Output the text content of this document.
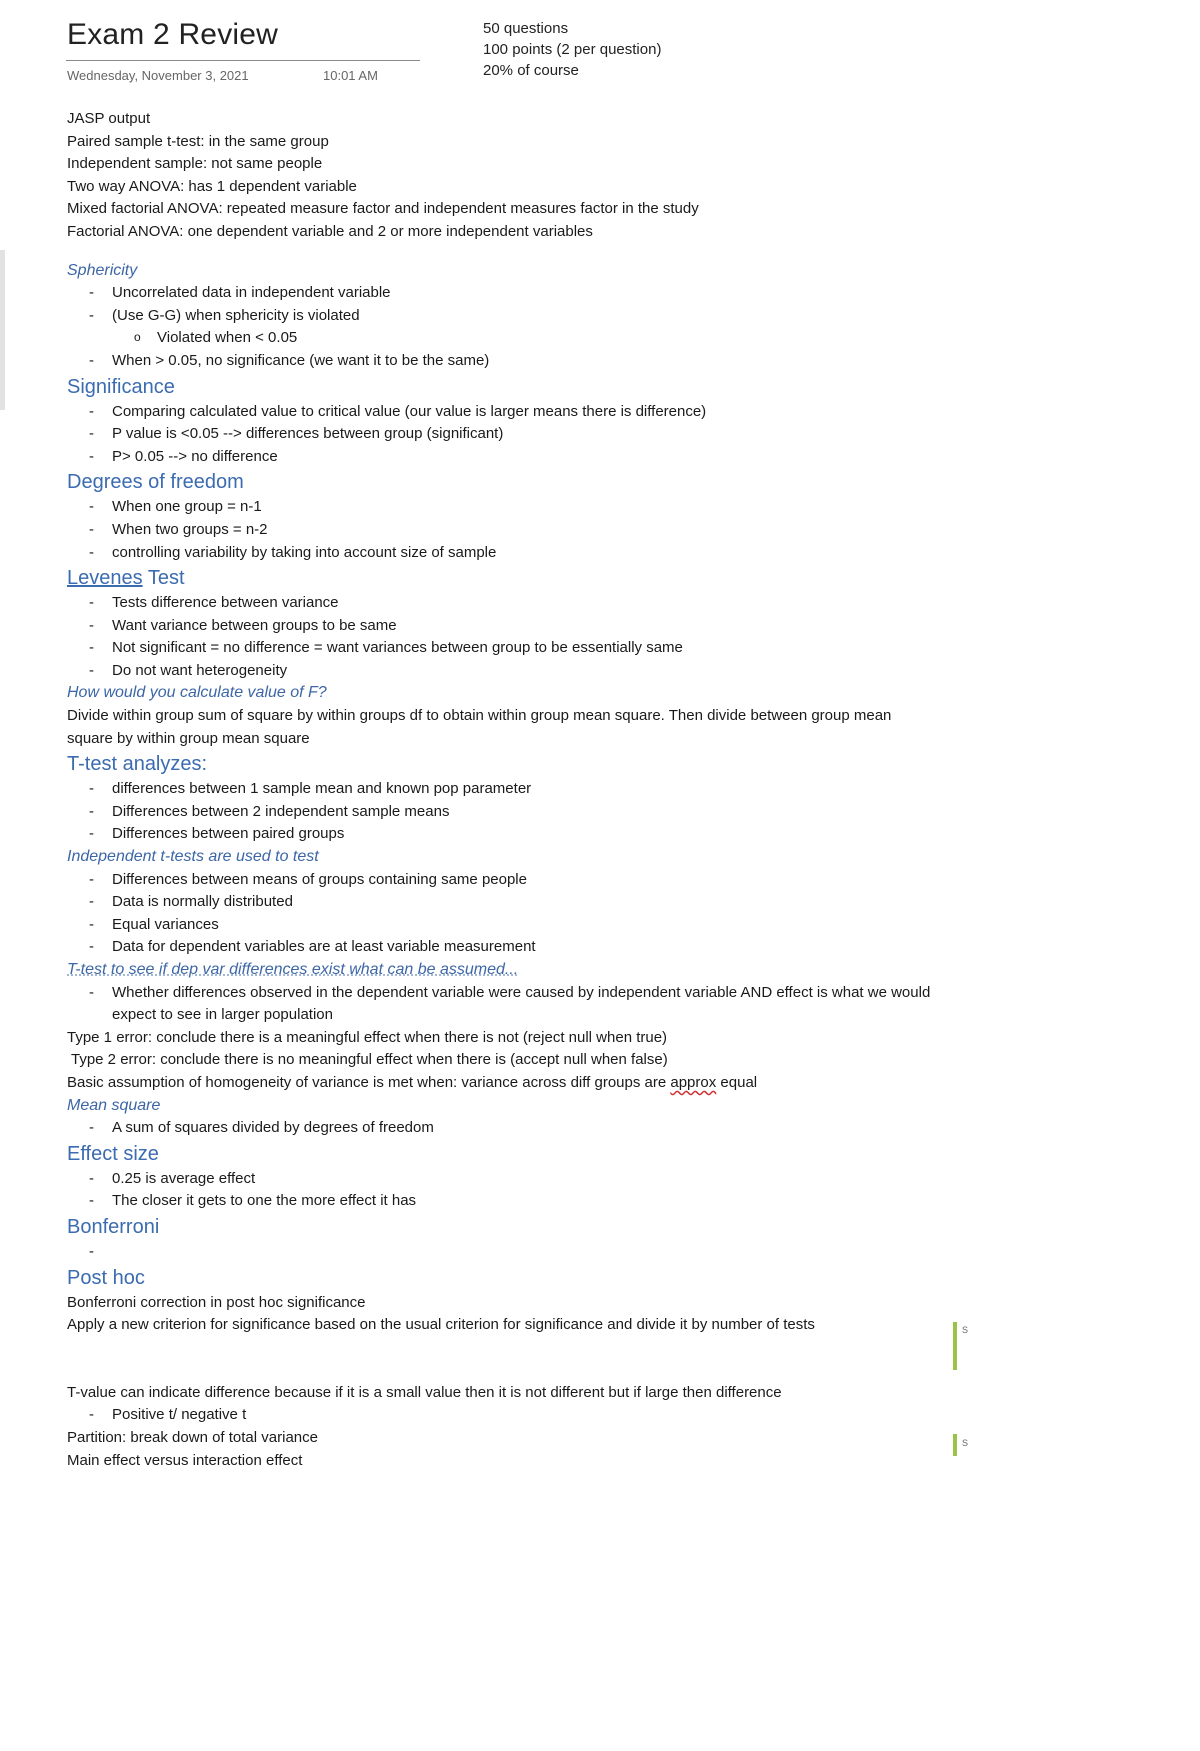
Exam 2 Review
Wednesday, November 3, 2021	10:01 AM
50 questions
100 points (2 per question)
20% of course

JASP output

Paired sample t-test: in the same group

Independent sample: not same people

Two way ANOVA: has 1 dependent variable

Mixed factorial ANOVA: repeated measure factor and independent measures factor in the study

Factorial ANOVA: one dependent variable and 2 or more independent variables

Sphericity

- Uncorrelated data in independent variable
- (Use G-G) when sphericity is violated
o Violated when < 0.05
- When > 0.05, no significance (we want it to be the same)

Significance

- Comparing calculated value to critical value (our value is larger means there is difference)
- P value is <0.05 --> differences between group (significant)
- P> 0.05 --> no difference

Degrees of freedom

- When one group = n-1
- When two groups = n-2
- controlling variability by taking into account size of sample

Levenes Test

- Tests difference between variance
- Want variance between groups to be same
- Not significant = no difference = want variances between group to be essentially same
- Do not want heterogeneity

How would you calculate value of F?

Divide within group sum of square by within groups df to obtain within group mean square. Then divide between group mean square by within group mean square

T-test analyzes:

- differences between 1 sample mean and known pop parameter
- Differences between 2 independent sample means
- Differences between paired groups

Independent t-tests are used to test

- Differences between means of groups containing same people
- Data is normally distributed
- Equal variances
- Data for dependent variables are at least variable measurement

T-test to see if dep var differences exist what can be assumed...

- Whether differences observed in the dependent variable were caused by independent variable AND effect is what we would expect to see in larger population

Type 1 error: conclude there is a meaningful effect when there is not (reject null when true)

Type 2 error: conclude there is no meaningful effect when there is (accept null when false)

Basic assumption of homogeneity of variance is met when: variance across diff groups are approx equal

Mean square

- A sum of squares divided by degrees of freedom

Effect size

- 0.25 is average effect
- The closer it gets to one the more effect it has

Bonferroni

-

Post hoc

Bonferroni correction in post hoc significance

Apply a new criterion for significance based on the usual criterion for significance and divide it by number of tests

T-value can indicate difference because if it is a small value then it is not different but if large then difference

- Positive t/ negative t

Partition: break down of total variance

Main effect versus interaction effect

S
S
